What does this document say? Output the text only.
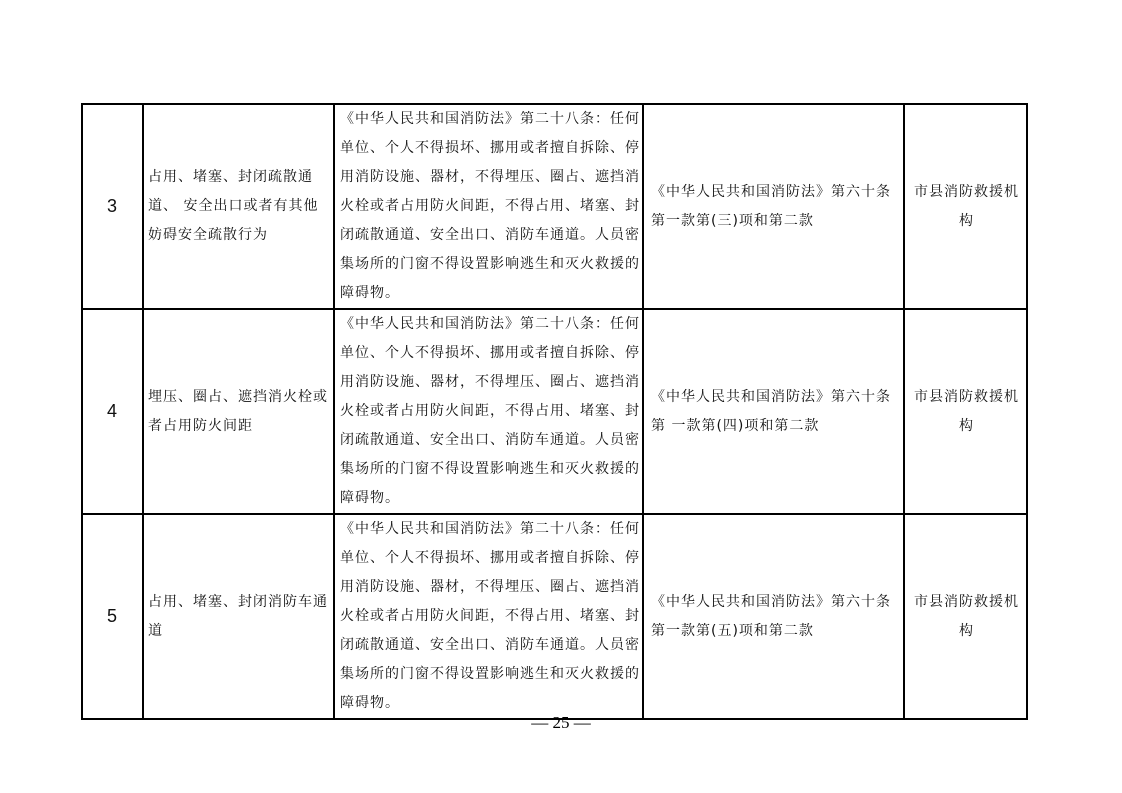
3	占用、堵塞、封闭疏散通道、 安全出口或者有其他妨碍安全疏散行为	《中华人民共和国消防法》第二十八条：任何单位、个人不得损坏、挪用或者擅自拆除、停用消防设施、器材，不得埋压、圈占、遮挡消火栓或者占用防火间距，不得占用、堵塞、封闭疏散通道、安全出口、消防车通道。人员密集场所的门窗不得设置影响逃生和灭火救援的障碍物。	《中华人民共和国消防法》第六十条第一款第(三)项和第二款	市县消防救援机构

4	埋压、圈占、遮挡消火栓或者占用防火间距	《中华人民共和国消防法》第二十八条：任何单位、个人不得损坏、挪用或者擅自拆除、停用消防设施、器材，不得埋压、圈占、遮挡消火栓或者占用防火间距，不得占用、堵塞、封闭疏散通道、安全出口、消防车通道。人员密集场所的门窗不得设置影响逃生和灭火救援的障碍物。	《中华人民共和国消防法》第六十条第 一款第(四)项和第二款	市县消防救援机构

5	占用、堵塞、封闭消防车通道	《中华人民共和国消防法》第二十八条：任何单位、个人不得损坏、挪用或者擅自拆除、停用消防设施、器材，不得埋压、圈占、遮挡消火栓或者占用防火间距，不得占用、堵塞、封闭疏散通道、安全出口、消防车通道。人员密集场所的门窗不得设置影响逃生和灭火救援的障碍物。	《中华人民共和国消防法》第六十条第一款第(五)项和第二款	市县消防救援机构
— 25 —
